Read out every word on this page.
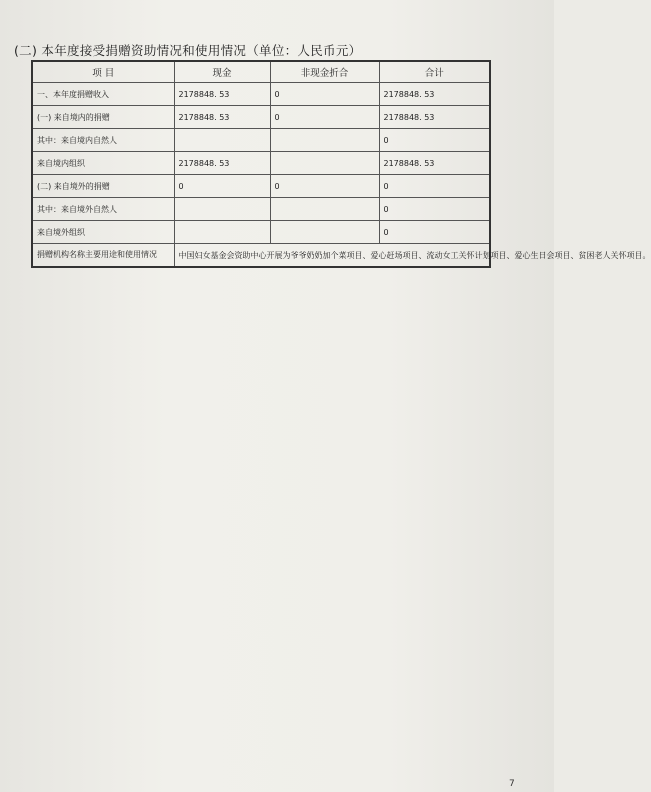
(二) 本年度接受捐赠资助情况和使用情况（单位：人民币元）
项 目	现金	非现金折合	合计
一、本年度捐赠收入	2178848. 53	0	2178848. 53
(一) 来自境内的捐赠	2178848. 53	0	2178848. 53
其中：来自境内自然人			0
来自境内组织	2178848. 53		2178848. 53
(二) 来自境外的捐赠	0	0	0
其中：来自境外自然人			0
来自境外组织			0
捐赠机构名称主要用途和使用情况	中国妇女基金会资助中心开展为爷爷奶奶加个菜项目、爱心赶场项目、流动女工关怀计划项目、爱心生日会项目、贫困老人关怀项目。		
7
